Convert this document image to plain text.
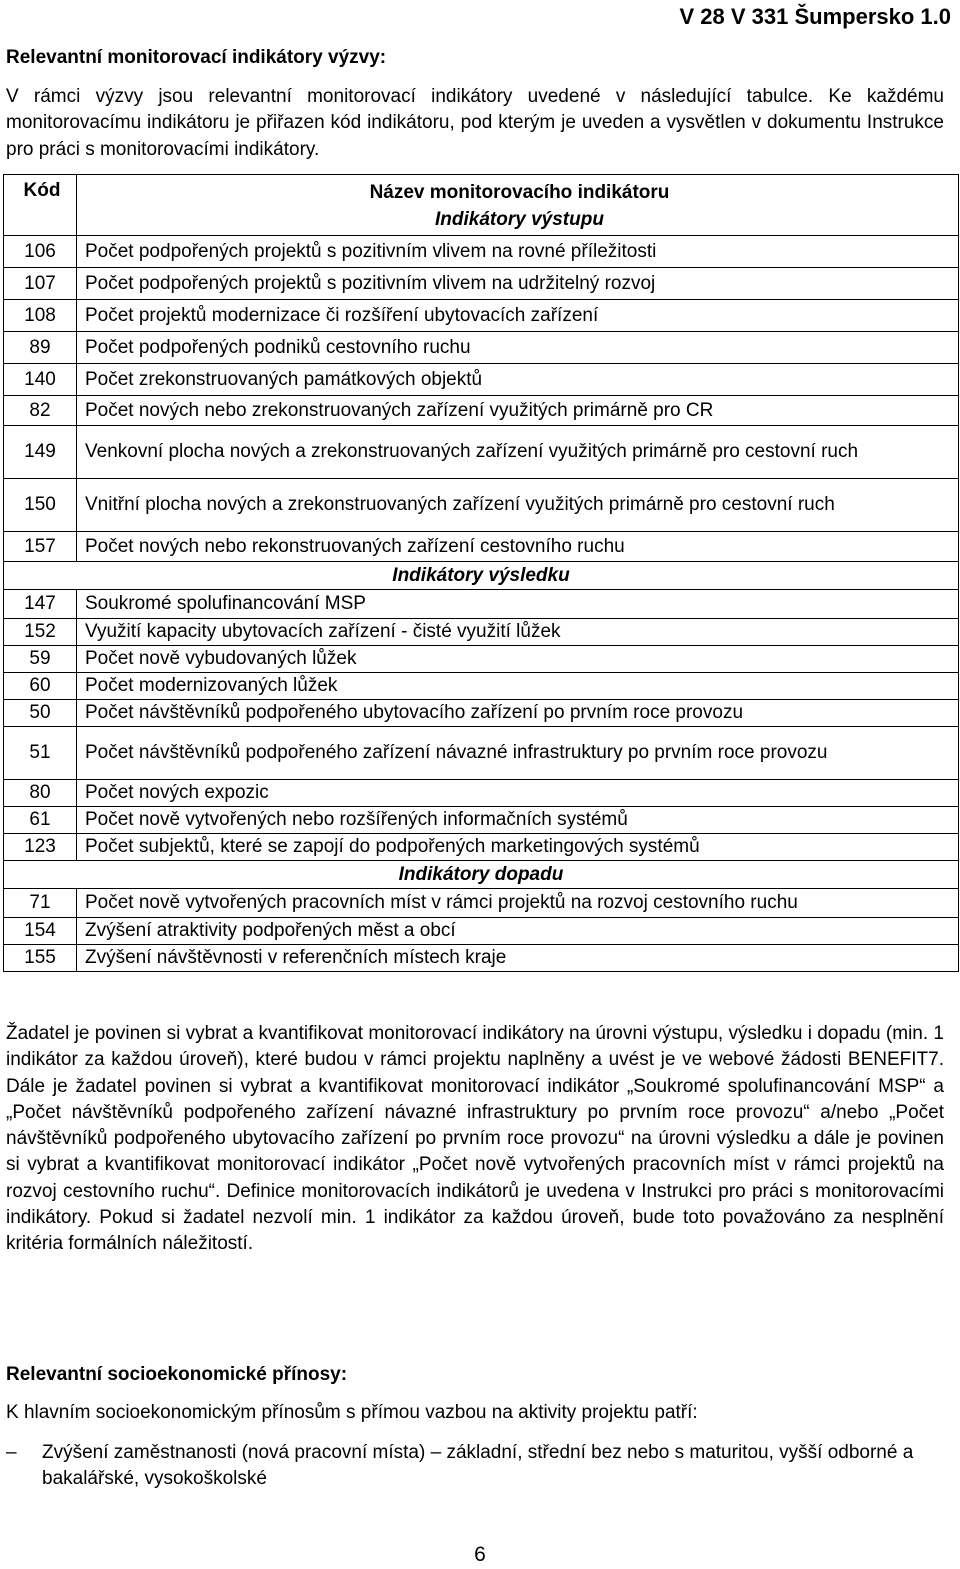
V 28 V 331 Šumpersko 1.0
Relevantní monitorovací indikátory výzvy:
V rámci výzvy jsou relevantní monitorovací indikátory uvedené v následující tabulce. Ke každému monitorovacímu indikátoru je přiřazen kód indikátoru, pod kterým je uveden a vysvětlen v dokumentu Instrukce pro práci s monitorovacími indikátory.
Kód	Název monitorovacího indikátoru
Indikátory výstupu

106	Počet podpořených projektů s pozitivním vlivem na rovné příležitosti
107	Počet podpořených projektů s pozitivním vlivem na udržitelný rozvoj
108	Počet projektů modernizace či rozšíření ubytovacích zařízení
89	Počet podpořených podniků cestovního ruchu
140	Počet zrekonstruovaných památkových objektů
82	Počet nových nebo zrekonstruovaných zařízení využitých primárně pro CR
149	Venkovní plocha nových a zrekonstruovaných zařízení využitých primárně pro cestovní ruch
150	Vnitřní plocha nových a zrekonstruovaných zařízení využitých primárně pro cestovní ruch
157	Počet nových nebo rekonstruovaných zařízení cestovního ruchu
Indikátory výsledku	
147	Soukromé spolufinancování MSP
152	Využití kapacity ubytovacích zařízení - čisté využití lůžek
59	Počet nově vybudovaných lůžek
60	Počet modernizovaných lůžek
50	Počet návštěvníků podpořeného ubytovacího zařízení po prvním roce provozu
51	Počet návštěvníků podpořeného zařízení návazné infrastruktury po prvním roce provozu
80	Počet nových expozic
61	Počet nově vytvořených nebo rozšířených informačních systémů
123	Počet subjektů, které se zapojí do podpořených marketingových systémů
Indikátory dopadu	
71	Počet nově vytvořených pracovních míst v rámci projektů na rozvoj cestovního ruchu
154	Zvýšení atraktivity podpořených měst a obcí
155	Zvýšení návštěvnosti v referenčních místech kraje
Žadatel je povinen si vybrat a kvantifikovat monitorovací indikátory na úrovni výstupu, výsledku i dopadu (min. 1 indikátor za každou úroveň), které budou v rámci projektu naplněny a uvést je ve webové žádosti BENEFIT7. Dále je žadatel povinen si vybrat a kvantifikovat monitorovací indikátor „Soukromé spolufinancování MSP“ a „Počet návštěvníků podpořeného zařízení návazné infrastruktury po prvním roce provozu“ a/nebo „Počet návštěvníků podpořeného ubytovacího zařízení po prvním roce provozu“ na úrovni výsledku a dále je povinen si vybrat a kvantifikovat monitorovací indikátor „Počet nově vytvořených pracovních míst v rámci projektů na rozvoj cestovního ruchu“. Definice monitorovacích indikátorů je uvedena v Instrukci pro práci s monitorovacími indikátory. Pokud si žadatel nezvolí min. 1 indikátor za každou úroveň, bude toto považováno za nesplnění kritéria formálních náležitostí.
Relevantní socioekonomické přínosy:
K hlavním socioekonomickým přínosům s přímou vazbou na aktivity projektu patří:
– Zvýšení zaměstnanosti (nová pracovní místa) – základní, střední bez nebo s maturitou, vyšší odborné a bakalářské, vysokoškolské
6
